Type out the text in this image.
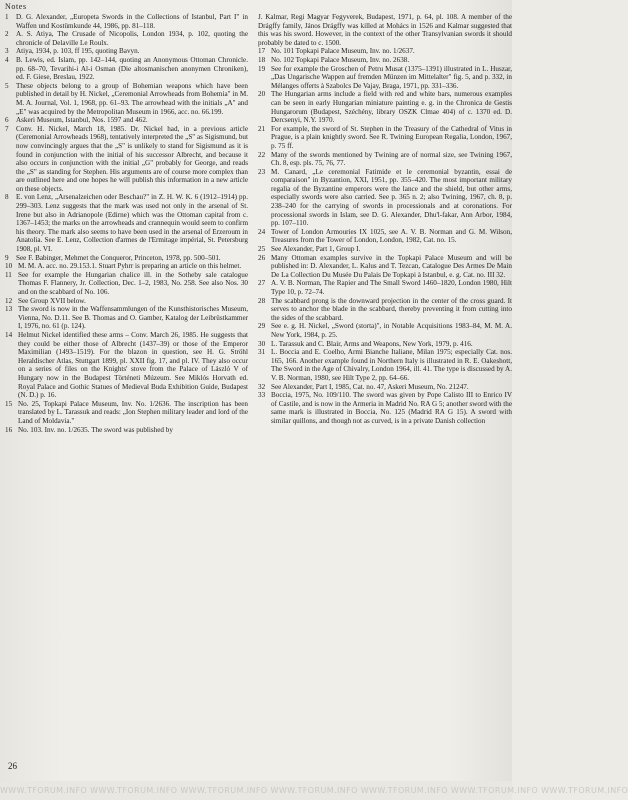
Notes

1 D. G. Alexander, „Europeta Swords in the Collections of Istanbul, Part I" in Waffen und Kostümkunde 44, 1986, pp. 81–118.

2 A. S. Atiya, The Crusade of Nicopolis, London 1934, p. 102, quoting the chronicle of Delaville Le Roulx.

3 Atiya, 1934, p. 103, ff 195, quoting Bavyn.

4 B. Lewis, ed. Islam, pp. 142–144, quoting an Anonymous Ottoman Chronicle. pp. 68–70, Tevarihi-i Al-i Osman (Die altosmanischen anonymen Chroniken), ed. F. Giese, Breslau, 1922.

5 These objects belong to a group of Bohemian weapons which have been published in detail by H. Nickel, „Ceremonial Arrowheads from Bohemia" in M. M. A. Journal, Vol. 1, 1968, pp. 61–93. The arrowhead with the initials „A" and „E" was acquired by the Metropolitan Museum in 1966, acc. no. 66.199.

6 Askeri Museum, Istanbul, Nos. 1597 and 462.

7 Conv. H. Nickel, March 18, 1985. Dr. Nickel had, in a previous article (Ceremonial Arrowheads 1968), tentatively interpreted the „S" as Sigismund, but now convincingly argues that the „S" is unlikely to stand for Sigismund as it is found in conjunction with the initial of his successor Albrecht, and because it also occurs in conjunction with the initial „G" probably for George, and reads the „S" as standing for Stephen. His arguments are of course more complex than are outlined here and one hopes he will publish this information in a new article on these objects.

8 E. von Lenz, „Arsenalzeichen oder Beschau?" in Z. H. W. K. 6 (1912–1914) pp. 299–303. Lenz suggests that the mark was used not only in the arsenal of St. Irene but also in Adrianopole (Edirne) which was the Ottoman capital from c. 1367–1453; the marks on the arrowheads and crannequin would seem to confirm his theory. The mark also seems to have been used in the arsenal of Erzeroum in Anatolia. See E. Lenz, Collection d'armes de l'Ermitage impérial, St. Petersburg 1908, pl. VI.

9 See F. Babinger, Mehmet the Conqueror, Princeton, 1978, pp. 500–501.

10 M. M. A. acc. no. 29.153.1. Stuart Pyhrr is preparing an article on this helmet.

11 See for example the Hungarian chalice ill. in the Sotheby sale catalogue Thomas F. Flannery, Jr. Collection, Dec. 1–2, 1983, No. 258. See also Nos. 30 and on the scabbard of No. 106.

12 See Group XVII below.

13 The sword is now in the Waffensammlungen of the Kunsthistorisches Museum, Vienna, No. D.11. See B. Thomas and O. Gamber, Katalog der Leibrüstkammer I, 1976, no. 61 (p. 124).

14 Helmut Nickel identified these arms – Conv. March 26, 1985. He suggests that they could be either those of Albrecht (1437–39) or those of the Emperor Maximilian (1493–1519). For the blazon in question, see H. G. Ströhl Heraldischer Atlas, Stuttgart 1899, pl. XXII fig. 17, and pl. IV. They also occur on a series of files on the Knights' stove from the Palace of László V of Hungary now in the Budapest Történeti Múzeum. See Miklós Horvath ed. Royal Palace and Gothic Statues of Medieval Buda Exhibition Guide, Budapest (N. D.) p. 16.

15 No. 25, Topkapi Palace Museum, Inv. No. 1/2636. The inscription has been translated by L. Tarassuk and reads: „Ion Stephen military leader and lord of the Land of Moldavia."

16 No. 103. Inv. no. 1/2635. The sword was published by

J. Kalmar, Regi Magyar Fegyverek, Budapest, 1971, p. 64, pl. 108. A member of the Drágffy family, János Drágffy was killed at Mohács in 1526 and Kalmar suggested that this was his sword. However, in the context of the other Transylvanian swords it should probably be dated to c. 1500.

17 No. 101 Topkapi Palace Museum, Inv. no. 1/2637.

18 No. 102 Topkapi Palace Museum, Inv. no. 2638.

19 See for example the Groschen of Petru Musat (1375–1391) illustrated in L. Huszar, „Das Ungarische Wappen auf fremden Münzen im Mittelalter" fig. 5, and p. 332, in Mélanges offerts à Szabolcs De Vajay, Braga, 1971, pp. 331–336.

20 The Hungarian arms include a field with red and white bars, numerous examples can be seen in early Hungarian miniature painting e. g. in the Chronica de Gestis Hungarorum (Budapest, Széchény, library OSZK Clmae 404) of c. 1370 ed. D. Dercsenyi, N.Y. 1970.

21 For example, the sword of St. Stephen in the Treasury of the Cathedral of Vitus in Prague, is a plain knightly sword. See R. Twining European Regalia, London, 1967, p. 75 ff.

22 Many of the swords mentioned by Twining are of normal size, see Twining 1967, Ch. 8, esp. pls. 75, 76, 77.

23 M. Canard, „Le ceremonial Fatimide et le ceremonial byzantin, essai de comparaison" in Byzantion, XXI, 1951, pp. 355–420. The most important military regalia of the Byzantine emperors were the lance and the shield, but other arms, especially swords were also carried. See p. 365 n. 2; also Twining, 1967, ch. 8, p. 238–240 for the carrying of swords in processionals and at coronations. For processional swords in Islam, see D. G. Alexander, Dhu'l-fakar, Ann Arbor, 1984, pp. 107–110.

24 Tower of London Armouries IX 1025, see A. V. B. Norman and G. M. Wilson, Treasures from the Tower of London, London, 1982, Cat. no. 15.

25 See Alexander, Part 1, Group I.

26 Many Ottoman examples survive in the Topkapi Palace Museum and will be published in: D. Alexander, L. Kalus and T. Tezcan, Catalogue Des Armes De Main De La Collection Du Musée Du Palais De Topkapi à Istanbul, e. g. Cat. no. III 32.

27 A. V. B. Norman, The Rapier and The Small Sword 1460–1820, London 1980, Hilt Type 10, p. 72–74.

28 The scabbard prong is the downward projection in the center of the cross guard. It serves to anchor the blade in the scabbard, thereby preventing it from cutting into the sides of the scabbard.

29 See e. g. H. Nickel, „Sword (storta)", in Notable Acquisitions 1983–84, M. M. A. New York, 1984, p. 25.

30 L. Tarassuk and C. Blair, Arms and Weapons, New York, 1979, p. 416.

31 L. Boccia and E. Coelho, Armi Bianche Italiane, Milan 1975; especially Cat. nos. 165, 166. Another example found in Northern Italy is illustrated in R. E. Oakeshott, The Sword in the Age of Chivalry, London 1964, ill. 41. The type is discussed by A. V. B. Norman, 1980, see Hilt Type 2, pp. 64–66.

32 See Alexander, Part I, 1985, Cat. no. 47, Askeri Museum, No. 21247.

33 Boccia, 1975, No. 109/110. The sword was given by Pope Calisto III to Enrico IV of Castile, and is now in the Armeria in Madrid No. RA G 5; another sword with the same mark is illustrated in Boccia, No. 125 (Madrid RA G 15). A sword with similar quillons, and though not as curved, is in a private Danish collection

26
WWW.TFORUM.INFO WWW.TFORUM.INFO WWW.TFORUM.INFO WWW.TFORUM.INFO WWW.TFORUM.INFO WWW.TFORUM.INFO WWW.TFORUM.INFO
